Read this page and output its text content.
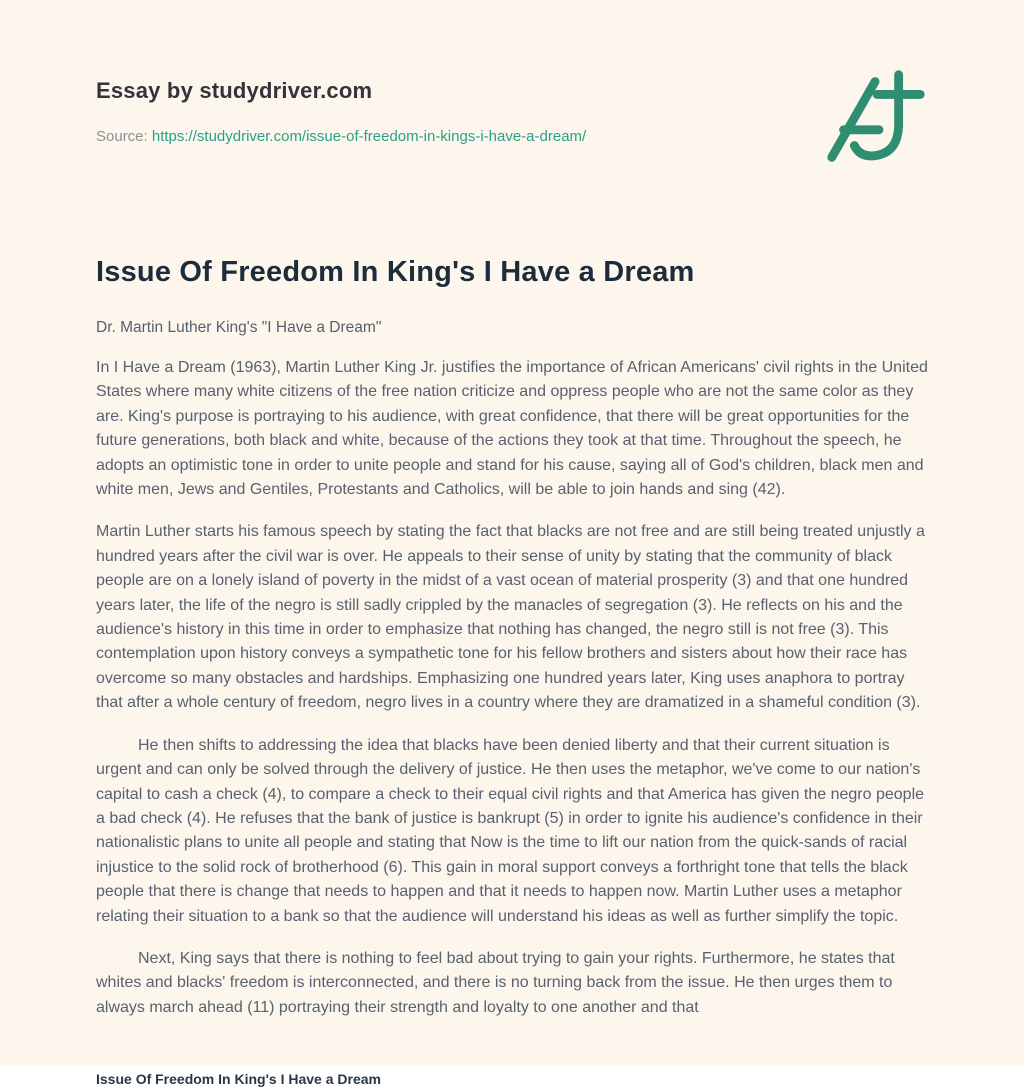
Essay by studydriver.com
Source: https://studydriver.com/issue-of-freedom-in-kings-i-have-a-dream/
Issue Of Freedom In King's I Have a Dream
Dr. Martin Luther King's "I Have a Dream"

In I Have a Dream (1963), Martin Luther King Jr. justifies the importance of African Americans' civil rights in the United States where many white citizens of the free nation criticize and oppress people who are not the same color as they are. King's purpose is portraying to his audience, with great confidence, that there will be great opportunities for the future generations, both black and white, because of the actions they took at that time. Throughout the speech, he adopts an optimistic tone in order to unite people and stand for his cause, saying all of God's children, black men and white men, Jews and Gentiles, Protestants and Catholics, will be able to join hands and sing (42).

Martin Luther starts his famous speech by stating the fact that blacks are not free and are still being treated unjustly a hundred years after the civil war is over. He appeals to their sense of unity by stating that the community of black people are on a lonely island of poverty in the midst of a vast ocean of material prosperity (3) and that one hundred years later, the life of the negro is still sadly crippled by the manacles of segregation (3). He reflects on his and the audience's history in this time in order to emphasize that nothing has changed, the negro still is not free (3). This contemplation upon history conveys a sympathetic tone for his fellow brothers and sisters about how their race has overcome so many obstacles and hardships. Emphasizing one hundred years later, King uses anaphora to portray that after a whole century of freedom, negro lives in a country where they are dramatized in a shameful condition (3).

He then shifts to addressing the idea that blacks have been denied liberty and that their current situation is urgent and can only be solved through the delivery of justice. He then uses the metaphor, we've come to our nation's capital to cash a check (4), to compare a check to their equal civil rights and that America has given the negro people a bad check (4). He refuses that the bank of justice is bankrupt (5) in order to ignite his audience's confidence in their nationalistic plans to unite all people and stating that Now is the time to lift our nation from the quick-sands of racial injustice to the solid rock of brotherhood (6). This gain in moral support conveys a forthright tone that tells the black people that there is change that needs to happen and that it needs to happen now. Martin Luther uses a metaphor relating their situation to a bank so that the audience will understand his ideas as well as further simplify the topic.

Next, King says that there is nothing to feel bad about trying to gain your rights. Furthermore, he states that whites and blacks' freedom is interconnected, and there is no turning back from the issue. He then urges them to always march ahead (11) portraying their strength and loyalty to one another and that

Issue Of Freedom In King's I Have a Dream
